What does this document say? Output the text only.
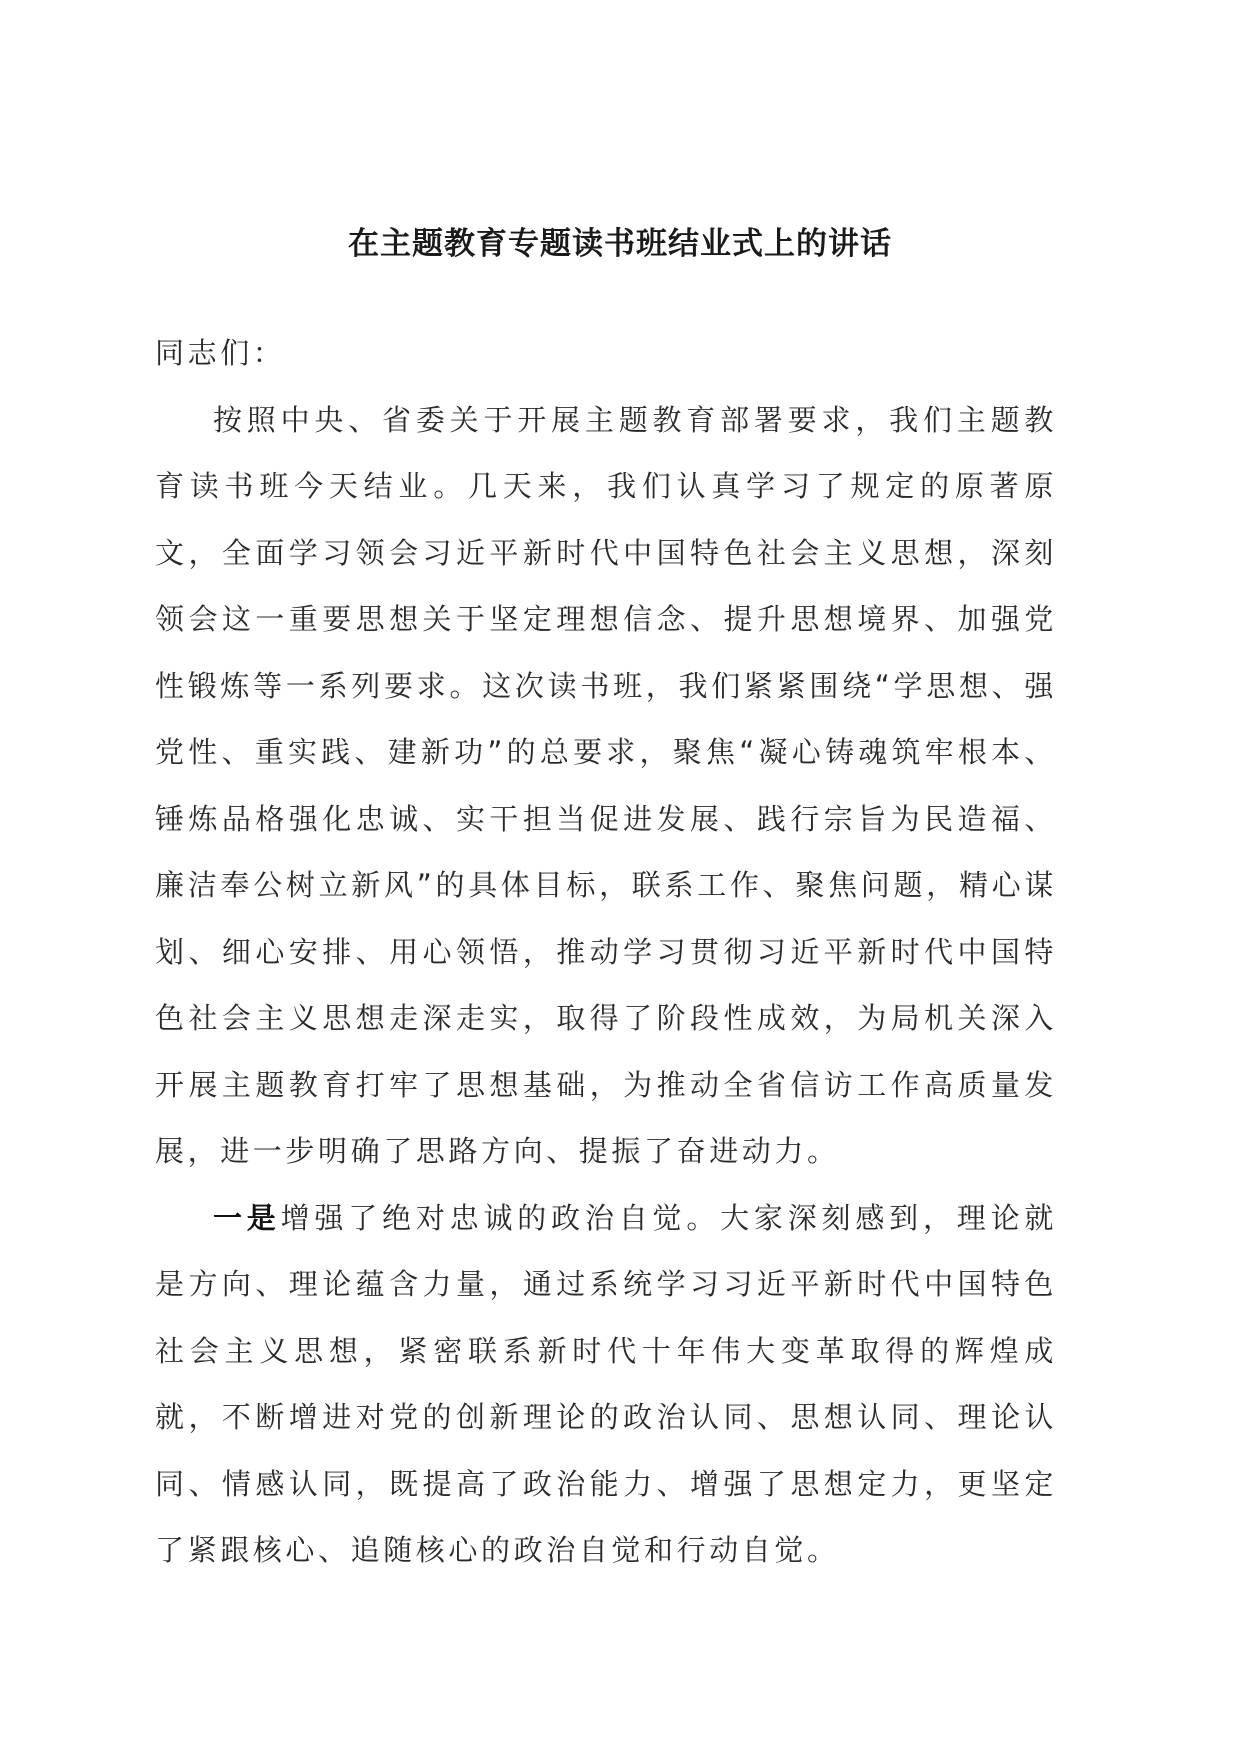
在主题教育专题读书班结业式上的讲话

同志们：

按照中央、省委关于开展主题教育部署要求，我们主题教育读书班今天结业。几天来，我们认真学习了规定的原著原文，全面学习领会习近平新时代中国特色社会主义思想，深刻领会这一重要思想关于坚定理想信念、提升思想境界、加强党性锻炼等一系列要求。这次读书班，我们紧紧围绕“学思想、强党性、重实践、建新功”的总要求，聚焦“凝心铸魂筑牢根本、锤炼品格强化忠诚、实干担当促进发展、践行宗旨为民造福、廉洁奉公树立新风”的具体目标，联系工作、聚焦问题，精心谋划、细心安排、用心领悟，推动学习贯彻习近平新时代中国特色社会主义思想走深走实，取得了阶段性成效，为局机关深入开展主题教育打牢了思想基础，为推动全省信访工作高质量发展，进一步明确了思路方向、提振了奋进动力。

一是增强了绝对忠诚的政治自觉。大家深刻感到，理论就是方向、理论蕴含力量，通过系统学习习近平新时代中国特色社会主义思想，紧密联系新时代十年伟大变革取得的辉煌成就，不断增进对党的创新理论的政治认同、思想认同、理论认同、情感认同，既提高了政治能力、增强了思想定力，更坚定了紧跟核心、追随核心的政治自觉和行动自觉。
